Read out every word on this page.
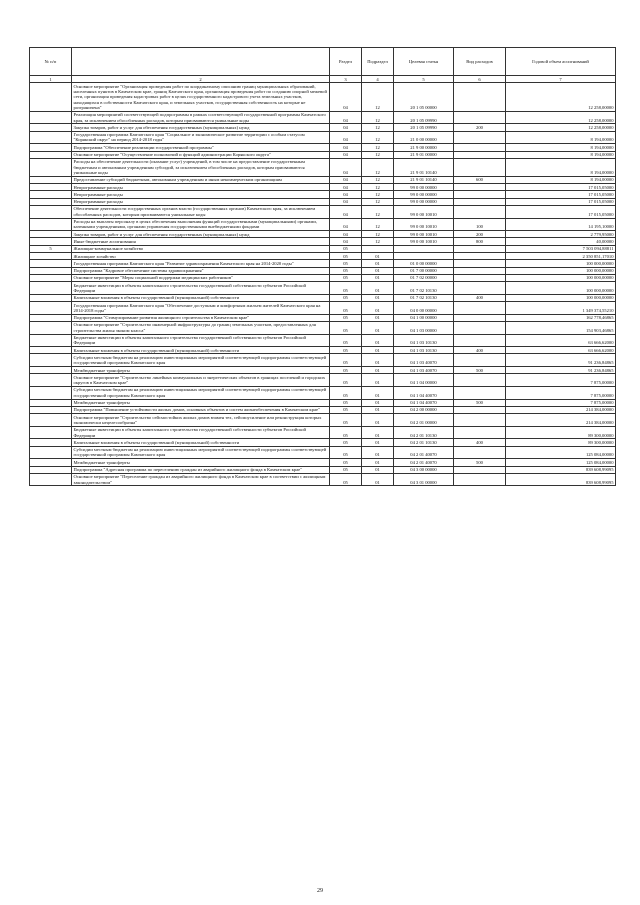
№ п/п		Раздел	Подраздел	Целевая статья	Вид расходов	Годовой объем ассигнований
1	2	3	4	5	6	7
	Основное мероприятие "Организация проведения работ по координатному описанию границ муниципальных образований, населенных пунктов в Камчатском крае, границ Камчатского края, организация проведения работ по созданию опорной межевой сети, организация проведения кадастровых работ в целях государственного кадастрового учета земельных участков, находящихся в собственности Камчатского края, и земельных участков, государственная собственность на которые не разграничена"	04	12	20 1 05 00000		12 258,00000
	Реализация мероприятий соответствующей подпрограммы в рамках соответствующей государственной программы Камчатского края, за исключением обособленных расходов, которым присваиваются уникальные коды	04	12	20 1 05 09990		12 258,00000
	Закупка товаров, работ и услуг для обеспечения государственных (муниципальных) нужд	04	12	20 1 05 09990	200	12 258,00000
	Государственная программа Камчатского края "Социальное и экономическое развитие территории с особым статусом "Корякский округ" на период 2014-2018 годы"	04	12	21 0 00 00000		8 194,00000
	Подпрограмма "Обеспечение реализации государственной программы"	04	12	21 9 00 00000		8 194,00000
	Основное мероприятие "Осуществление полномочий и функций администрации Корякского округа"	04	12	21 9 01 00000		8 194,00000
	Расходы на обеспечение деятельности (оказание услуг) учреждений, в том числе на предоставление государственным бюджетным и автономным учреждениям субсидий, за исключением обособленных расходов, которым присваиваются уникальные коды	04	12	21 9 01 10140		8 194,00000
	Предоставление субсидий бюджетным, автономным учреждениям и иным некоммерческим организациям	04	12	21 9 01 10140	600	8 194,00000
	Непрограммные расходы	04	12	99 0 00 00000		17 015,05000
	Непрограммные расходы	04	12	99 0 00 00000		17 015,05000
	Непрограммные расходы	04	12	99 0 00 00000		17 015,05000
	Обеспечение деятельности государственных органов власти (государственных органов) Камчатского края, за исключением обособленных расходов, которым присваиваются уникальные коды	04	12	99 0 00 10010		17 015,05000
	Расходы на выплаты персоналу в целях обеспечения выполнения функций государственными (муниципальными) органами, казенными учреждениями, органами управления государственными внебюджетными фондами	04	12	99 0 00 10010	100	14 195,10000
	Закупка товаров, работ и услуг для обеспечения государственных (муниципальных) нужд	04	12	99 0 00 10010	200	2 779,95000
	Иные бюджетные ассигнования	04	12	99 0 00 10010	800	40,00000
5	Жилищно-коммунальное хозяйство	05				7 503 094,88811
	Жилищное хозяйство	05	01			2 350 851,17010
	Государственная программа Камчатского края "Развитие здравоохранения Камчатского края на 2014-2020 годы"	05	01	01 0 00 00000		100 000,00000
	Подпрограмма "Кадровое обеспечение системы здравоохранения"	05	01	01 7 00 00000		100 000,00000
	Основное мероприятие "Меры социальной поддержки медицинских работников"	05	01	01 7 02 00000		100 000,00000
	Бюджетные инвестиции в объекты капитального строительства государственной собственности субъектов Российской Федерации	05	01	01 7 02 10130		100 000,00000
	Капитальные вложения в объекты государственной (муниципальной) собственности	05	01	01 7 02 10130	400	100 000,00000
	Государственная программа Камчатского края "Обеспечение доступным и комфортным жильем жителей Камчатского края на 2014-2018 годы"	05	01	04 0 00 00000		1 349 374,55210
	Подпрограмма "Стимулирование развития жилищного строительства в Камчатском крае"	05	01	04 1 00 00000		162 778,46865
	Основное мероприятие "Строительство инженерной инфраструктуры до границ земельных участков, предоставленных для строительства жилья эконом класса"	05	01	04 1 03 00000		154 903,46865
	Бюджетные инвестиции в объекты капитального строительства государственной собственности субъектов Российской Федерации	05	01	04 1 03 10130		63 666,62000
	Капитальные вложения в объекты государственной (муниципальной) собственности	05	01	04 1 03 10130	400	63 666,62000
	Субсидии местным бюджетам на реализацию инвестиционных мероприятий соответствующей подпрограммы соответствующей государственной программы Камчатского края	05	01	04 1 03 40070		91 236,84865
	Межбюджетные трансферты	05	01	04 1 03 40070	500	91 236,84865
	Основное мероприятие "Строительство линейных коммунальных и энергетических объектов в границах поселений и городских округов в Камчатском крае"	05	01	04 1 04 00000		7 875,00000
	Субсидии местным бюджетам на реализацию инвестиционных мероприятий соответствующей подпрограммы соответствующей государственной программы Камчатского края	05	01	04 1 04 40070		7 875,00000
	Межбюджетные трансферты	05	01	04 1 04 40070	500	7 875,00000
	Подпрограмма "Повышение устойчивости жилых домов, основных объектов и систем жизнеобеспечения в Камчатском крае"	05	01	04 2 00 00000		214 384,00000
	Основное мероприятие "Строительство сейсмостойких жилых домов взамен тех, сейсмоусиление или реконструкция которых экономически нецелесообразна"	05	01	04 2 01 00000		214 384,00000
	Бюджетные инвестиции в объекты капитального строительства государственной собственности субъектов Российской Федерации	05	01	04 2 01 10130		89 300,00000
	Капитальные вложения в объекты государственной (муниципальной) собственности	05	01	04 2 01 10130	400	89 300,00000
	Субсидии местным бюджетам на реализацию инвестиционных мероприятий соответствующей подпрограммы соответствующей государственной программы Камчатского края	05	01	04 2 01 40070		125 084,00000
	Межбюджетные трансферты	05	01	04 2 01 40070	500	125 084,00000
	Подпрограмма "Адресная программа по переселению граждан из аварийного жилищного фонда в Камчатском крае"	05	01	04 3 00 00000		839 608,99095
	Основное мероприятие "Переселение граждан из аварийного жилищного фонда в Камчатском крае в соответствии с жилищным законодательством"	05	01	04 3 01 00000		839 608,99095
29
